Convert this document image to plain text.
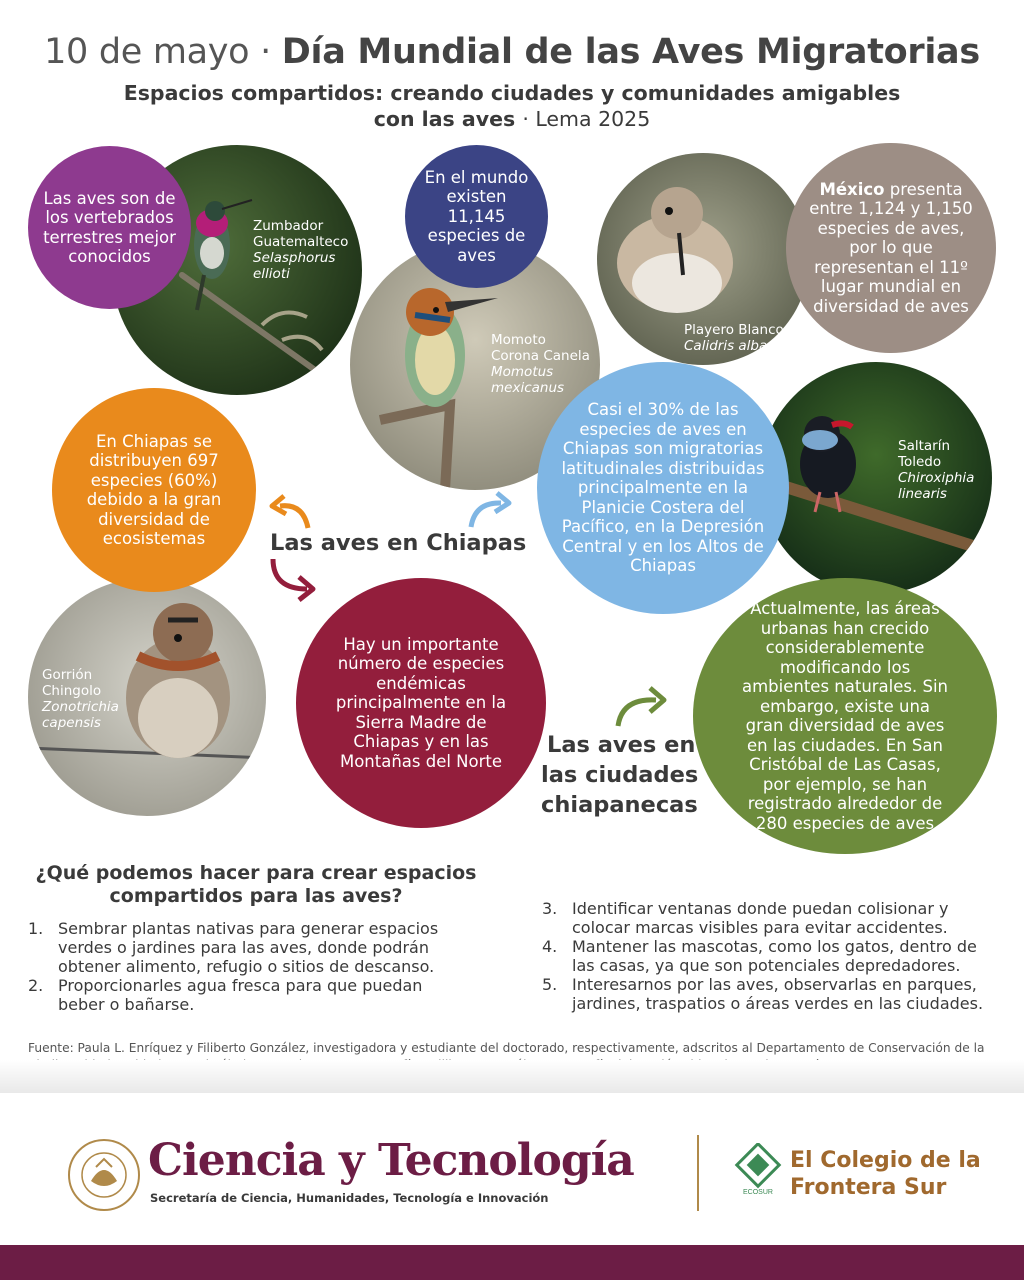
10 de mayo · Día Mundial de las Aves Migratorias
Espacios compartidos: creando ciudades y comunidades amigables
con las aves · Lema 2025
Zumbador Guatemalteco
Selasphorus ellioti
Momoto Corona Canela
Momotus mexicanus
Playero Blanco
Calidris alba
Saltarín Toledo
Chiroxiphia linearis
Gorrión Chingolo
Zonotrichia capensis
Las aves son de los vertebrados terrestres mejor conocidos
En el mundo existen 11,145 especies de aves
México presenta entre 1,124 y 1,150 especies de aves, por lo que representan el 11º lugar mundial en diversidad de aves
En Chiapas se distribuyen 697 especies (60%) debido a la gran diversidad de ecosistemas
Casi el 30% de las especies de aves en Chiapas son migratorias latitudinales distribuidas principalmente en la Planicie Costera del Pacífico, en la Depresión Central y en los Altos de Chiapas
Hay un importante número de especies endémicas principalmente en la Sierra Madre de Chiapas y en las Montañas del Norte
Actualmente, las áreas urbanas han crecido considerablemente modificando los ambientes naturales. Sin embargo, existe una gran diversidad de aves en las ciudades. En San Cristóbal de Las Casas, por ejemplo, se han registrado alrededor de 280 especies de aves
Las aves en Chiapas
Las aves en
las ciudades
chiapanecas
¿Qué podemos hacer para crear espacios
compartidos para las aves?
1. Sembrar plantas nativas para generar espacios verdes o jardines para las aves, donde podrán obtener alimento, refugio o sitios de descanso.
2. Proporcionarles agua fresca para que puedan beber o bañarse.
3. Identificar ventanas donde puedan colisionar y colocar marcas visibles para evitar accidentes.
4. Mantener las mascotas, como los gatos, dentro de las casas, ya que son potenciales depredadores.
5. Interesarnos por las aves, observarlas en parques, jardines, traspatios o áreas verdes en las ciudades.
Fuente: Paula L. Enríquez y Filiberto González, investigadora y estudiante del doctorado, respectivamente, adscritos al Departamento de Conservación de la
Ciencia y Tecnología
Secretaría de Ciencia, Humanidades, Tecnología e Innovación	ECOSUR
El Colegio de la
Frontera Sur
